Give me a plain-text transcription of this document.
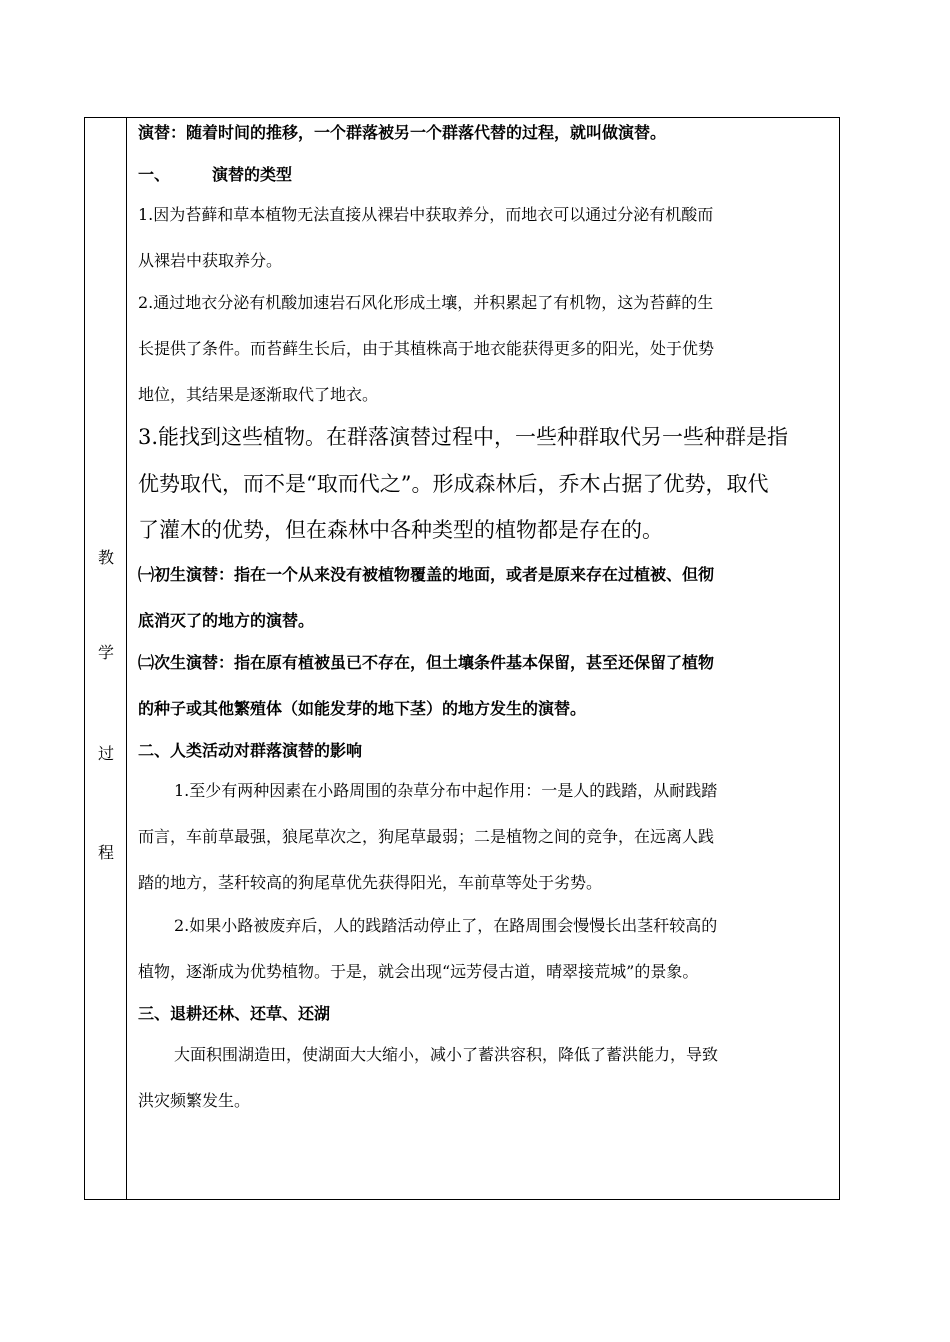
教
学
过
程
演替：随着时间的推移，一个群落被另一个群落代替的过程，就叫做演替。
一、	演替的类型
1.因为苔藓和草本植物无法直接从裸岩中获取养分，而地衣可以通过分泌有机酸而
从裸岩中获取养分。
2.通过地衣分泌有机酸加速岩石风化形成土壤，并积累起了有机物，这为苔藓的生
长提供了条件。而苔藓生长后，由于其植株高于地衣能获得更多的阳光，处于优势
地位，其结果是逐渐取代了地衣。
3.能找到这些植物。在群落演替过程中，一些种群取代另一些种群是指
优势取代，而不是“取而代之”。形成森林后，乔木占据了优势，取代
了灌木的优势，但在森林中各种类型的植物都是存在的。
㈠初生演替：指在一个从来没有被植物覆盖的地面，或者是原来存在过植被、但彻
底消灭了的地方的演替。
㈡次生演替：指在原有植被虽已不存在，但土壤条件基本保留，甚至还保留了植物
的种子或其他繁殖体（如能发芽的地下茎）的地方发生的演替。
二、人类活动对群落演替的影响
1.至少有两种因素在小路周围的杂草分布中起作用：一是人的践踏，从耐践踏
而言，车前草最强，狼尾草次之，狗尾草最弱；二是植物之间的竞争，在远离人践
踏的地方，茎秆较高的狗尾草优先获得阳光，车前草等处于劣势。
2.如果小路被废弃后，人的践踏活动停止了，在路周围会慢慢长出茎秆较高的
植物，逐渐成为优势植物。于是，就会出现“远芳侵古道，晴翠接荒城”的景象。
三、退耕还林、还草、还湖
大面积围湖造田，使湖面大大缩小，减小了蓄洪容积，降低了蓄洪能力，导致
洪灾频繁发生。
